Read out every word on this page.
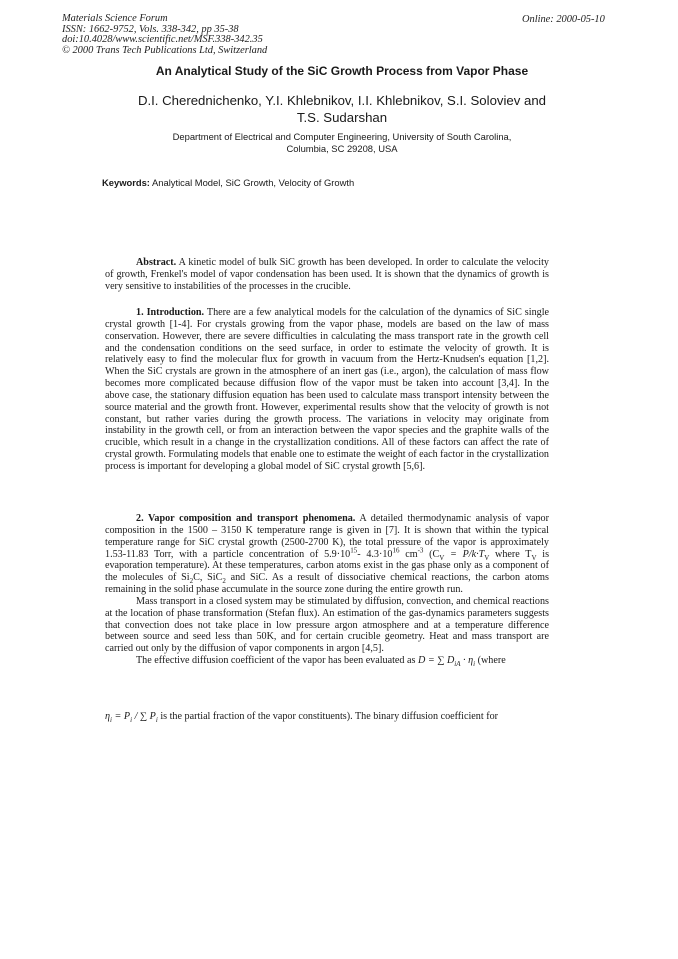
Materials Science Forum
ISSN: 1662-9752, Vols. 338-342, pp 35-38
doi:10.4028/www.scientific.net/MSF.338-342.35
© 2000 Trans Tech Publications Ltd, Switzerland
Online: 2000-05-10
An Analytical Study of the SiC Growth Process from Vapor Phase
D.I. Cherednichenko, Y.I. Khlebnikov, I.I. Khlebnikov, S.I. Soloviev and
T.S. Sudarshan
Department of Electrical and Computer Engineering, University of South Carolina,
Columbia, SC 29208, USA
Keywords: Analytical Model, SiC Growth, Velocity of Growth

Abstract. A kinetic model of bulk SiC growth has been developed. In order to calculate the velocity of growth, Frenkel's model of vapor condensation has been used. It is shown that the dynamics of growth is very sensitive to instabilities of the processes in the crucible.

1. Introduction. There are a few analytical models for the calculation of the dynamics of SiC single crystal growth [1-4]. For crystals growing from the vapor phase, models are based on the law of mass conservation. However, there are severe difficulties in calculating the mass transport rate in the growth cell and the condensation conditions on the seed surface, in order to estimate the velocity of growth. It is relatively easy to find the molecular flux for growth in vacuum from the Hertz-Knudsen's equation [1,2]. When the SiC crystals are grown in the atmosphere of an inert gas (i.e., argon), the calculation of mass flow becomes more complicated because diffusion flow of the vapor must be taken into account [3,4]. In the above case, the stationary diffusion equation has been used to calculate mass transport intensity between the source material and the growth front. However, experimental results show that the velocity of growth is not constant, but rather varies during the growth process. The variations in velocity may originate from instability in the growth cell, or from an interaction between the vapor species and the graphite walls of the crucible, which result in a change in the crystallization conditions. All of these factors can affect the rate of crystal growth. Formulating models that enable one to estimate the weight of each factor in the crystallization process is important for developing a global model of SiC crystal growth [5,6].

2. Vapor composition and transport phenomena. A detailed thermodynamic analysis of vapor composition in the 1500 – 3150 K temperature range is given in [7]. It is shown that within the typical temperature range for SiC crystal growth (2500-2700 K), the total pressure of the vapor is approximately 1.53-11.83 Torr, with a particle concentration of $5.9\cdot 10^{15}-$ $4.3\cdot 10^{16}$ $cm^{-3}$ ($C_V = P/k\cdot T_V$ where $T_V$ is evaporation temperature). At these temperatures, carbon atoms exist in the gas phase only as a component of the molecules of $Si_2C$, SiC$_2$ and SiC. As a result of dissociative chemical reactions, the carbon atoms remaining in the solid phase accumulate in the source zone during the entire growth run.

Mass transport in a closed system may be stimulated by diffusion, convection, and chemical reactions at the location of phase transformation (Stefan flux). An estimation of the gas-dynamics parameters suggests that convection does not take place in low pressure argon atmosphere and at a temperature difference between source and seed less than 50K, and for certain crucible geometry. Heat and mass transport are carried out only by the diffusion of vapor components in argon [4,5].

The effective diffusion coefficient of the vapor has been evaluated as D = ∑ $D_{iA} \cdot \eta_i$ (where

$\eta_i = P_i$ / ∑ $P_i$ is the partial fraction of the vapor constituents). The binary diffusion coefficient for
